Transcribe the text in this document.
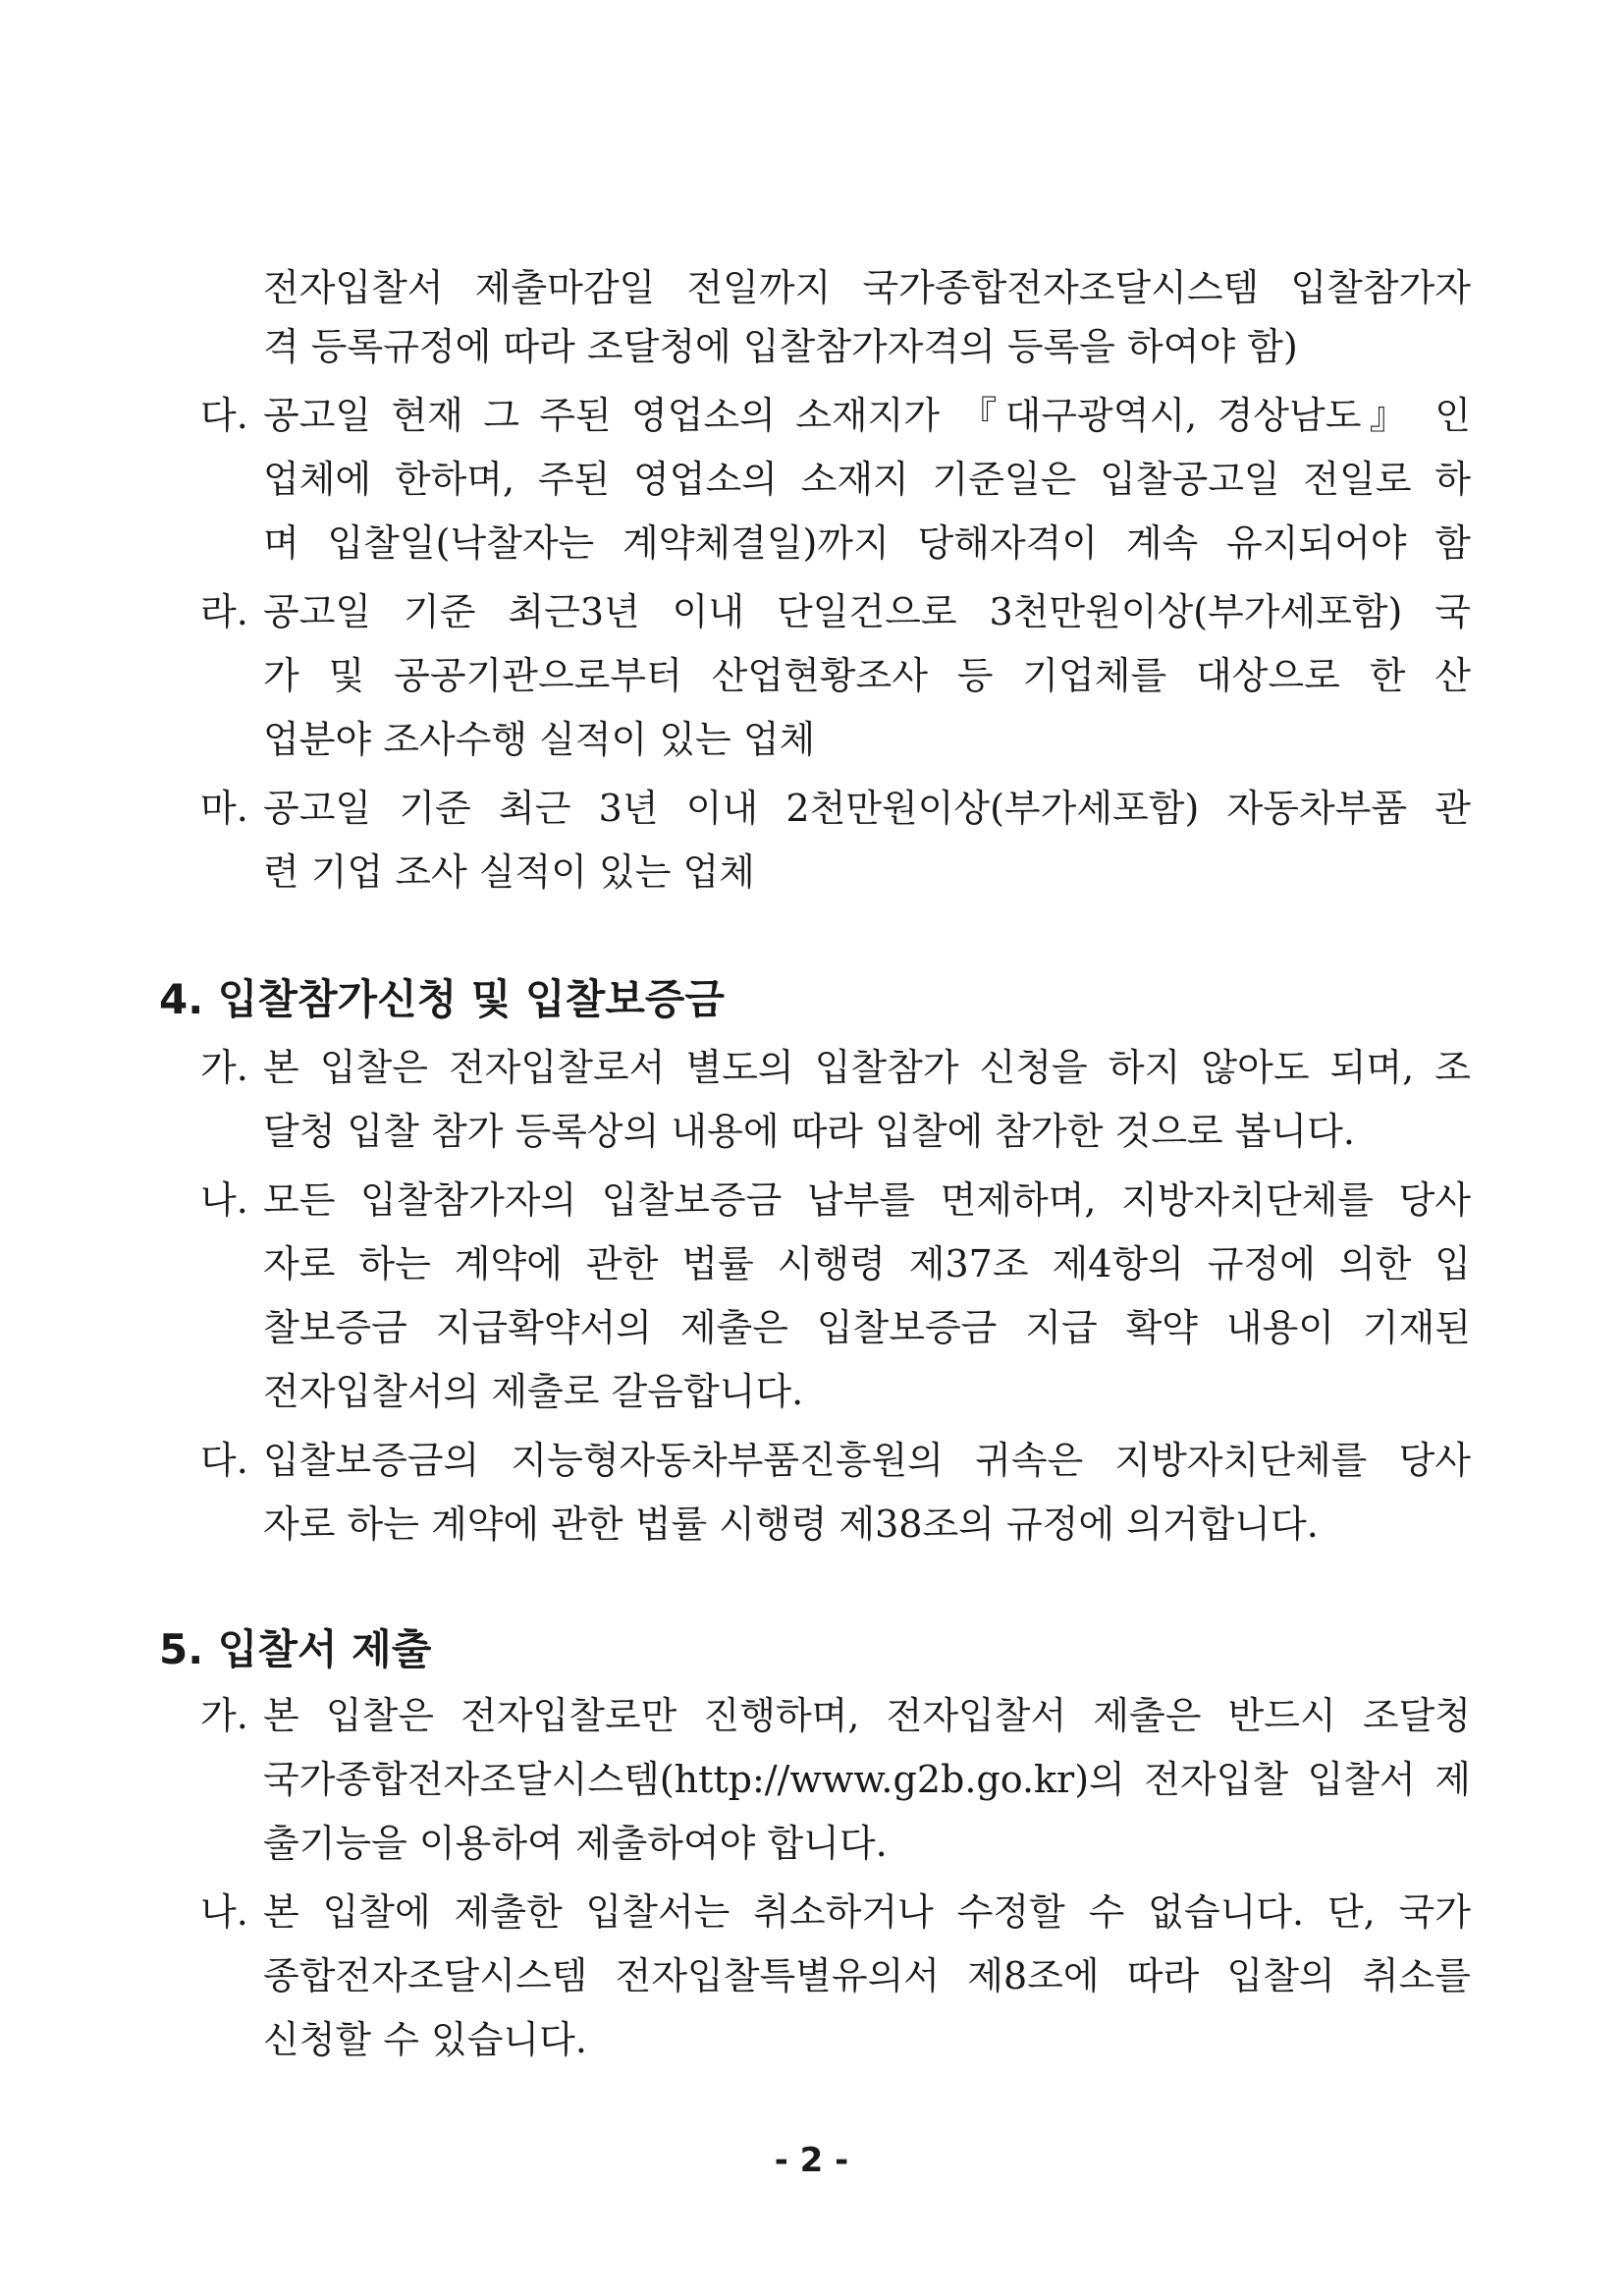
전자입찰서 제출마감일 전일까지 국가종합전자조달시스템 입찰참가자
격 등록규정에 따라 조달청에 입찰참가자격의 등록을 하여야 함)
다. 공고일 현재 그 주된 영업소의 소재지가 『대구광역시, 경상남도』 인
업체에 한하며, 주된 영업소의 소재지 기준일은 입찰공고일 전일로 하
며 입찰일(낙찰자는 계약체결일)까지 당해자격이 계속 유지되어야 함
라. 공고일 기준 최근3년 이내 단일건으로 3천만원이상(부가세포함) 국
가 및 공공기관으로부터 산업현황조사 등 기업체를 대상으로 한 산
업분야 조사수행 실적이 있는 업체
마. 공고일 기준 최근 3년 이내 2천만원이상(부가세포함) 자동차부품 관
련 기업 조사 실적이 있는 업체
4. 입찰참가신청 및 입찰보증금
가. 본 입찰은 전자입찰로서 별도의 입찰참가 신청을 하지 않아도 되며, 조
달청 입찰 참가 등록상의 내용에 따라 입찰에 참가한 것으로 봅니다.
나. 모든 입찰참가자의 입찰보증금 납부를 면제하며, 지방자치단체를 당사
자로 하는 계약에 관한 법률 시행령 제37조 제4항의 규정에 의한 입
찰보증금 지급확약서의 제출은 입찰보증금 지급 확약 내용이 기재된
전자입찰서의 제출로 갈음합니다.
다. 입찰보증금의 지능형자동차부품진흥원의 귀속은 지방자치단체를 당사
자로 하는 계약에 관한 법률 시행령 제38조의 규정에 의거합니다.
5. 입찰서 제출
가. 본 입찰은 전자입찰로만 진행하며, 전자입찰서 제출은 반드시 조달청
국가종합전자조달시스템(http://www.g2b.go.kr)의 전자입찰 입찰서 제
출기능을 이용하여 제출하여야 합니다.
나. 본 입찰에 제출한 입찰서는 취소하거나 수정할 수 없습니다. 단, 국가
종합전자조달시스템 전자입찰특별유의서 제8조에 따라 입찰의 취소를
신청할 수 있습니다.
- 2 -
